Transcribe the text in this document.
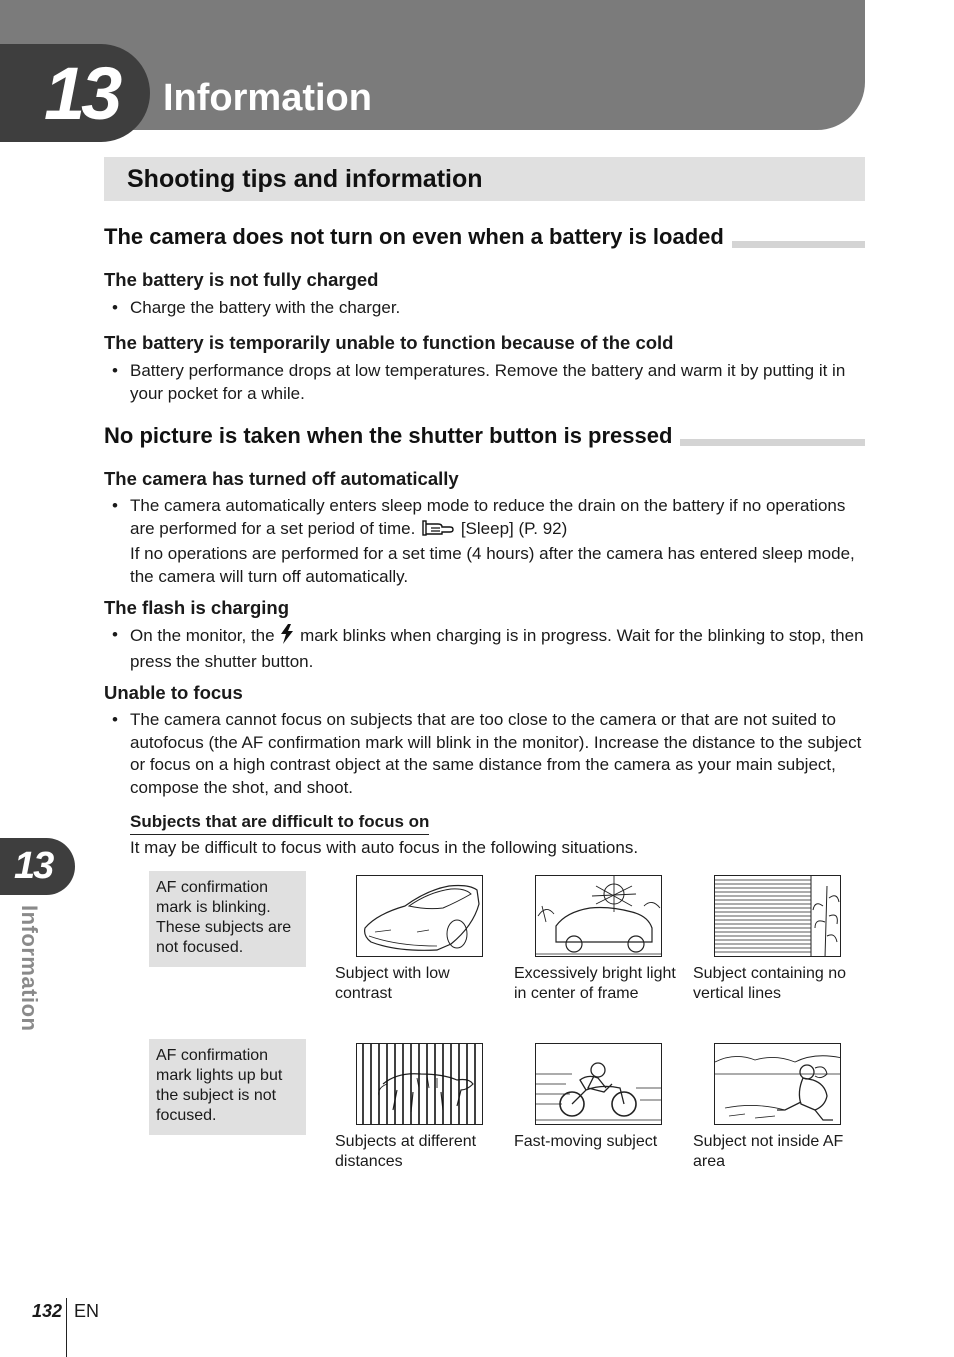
13 Information
Shooting tips and information
The camera does not turn on even when a battery is loaded
The battery is not fully charged
• Charge the battery with the charger.
The battery is temporarily unable to function because of the cold
• Battery performance drops at low temperatures. Remove the battery and warm it by putting it in your pocket for a while.
No picture is taken when the shutter button is pressed
The camera has turned off automatically
• The camera automatically enters sleep mode to reduce the drain on the battery if no operations are performed for a set period of time.	[Sleep] (P. 92)
If no operations are performed for a set time (4 hours) after the camera has entered sleep mode, the camera will turn off automatically.
The flash is charging
• On the monitor, the mark blinks when charging is in progress. Wait for the blinking to stop, then press the shutter button.
Unable to focus
• The camera cannot focus on subjects that are too close to the camera or that are not suited to autofocus (the AF confirmation mark will blink in the monitor). Increase the distance to the subject or focus on a high contrast object at the same distance from the camera as your main subject, compose the shot, and shoot.
Subjects that are difficult to focus on
It may be difficult to focus with auto focus in the following situations.
AF confirmation mark is blinking. These subjects are not focused.
Subject with low contrast
Excessively bright light in center of frame
Subject containing no vertical lines
AF confirmation mark lights up but the subject is not focused.
Subjects at different distances
Fast-moving subject	Subject not inside AF area
13
Information
132 EN
